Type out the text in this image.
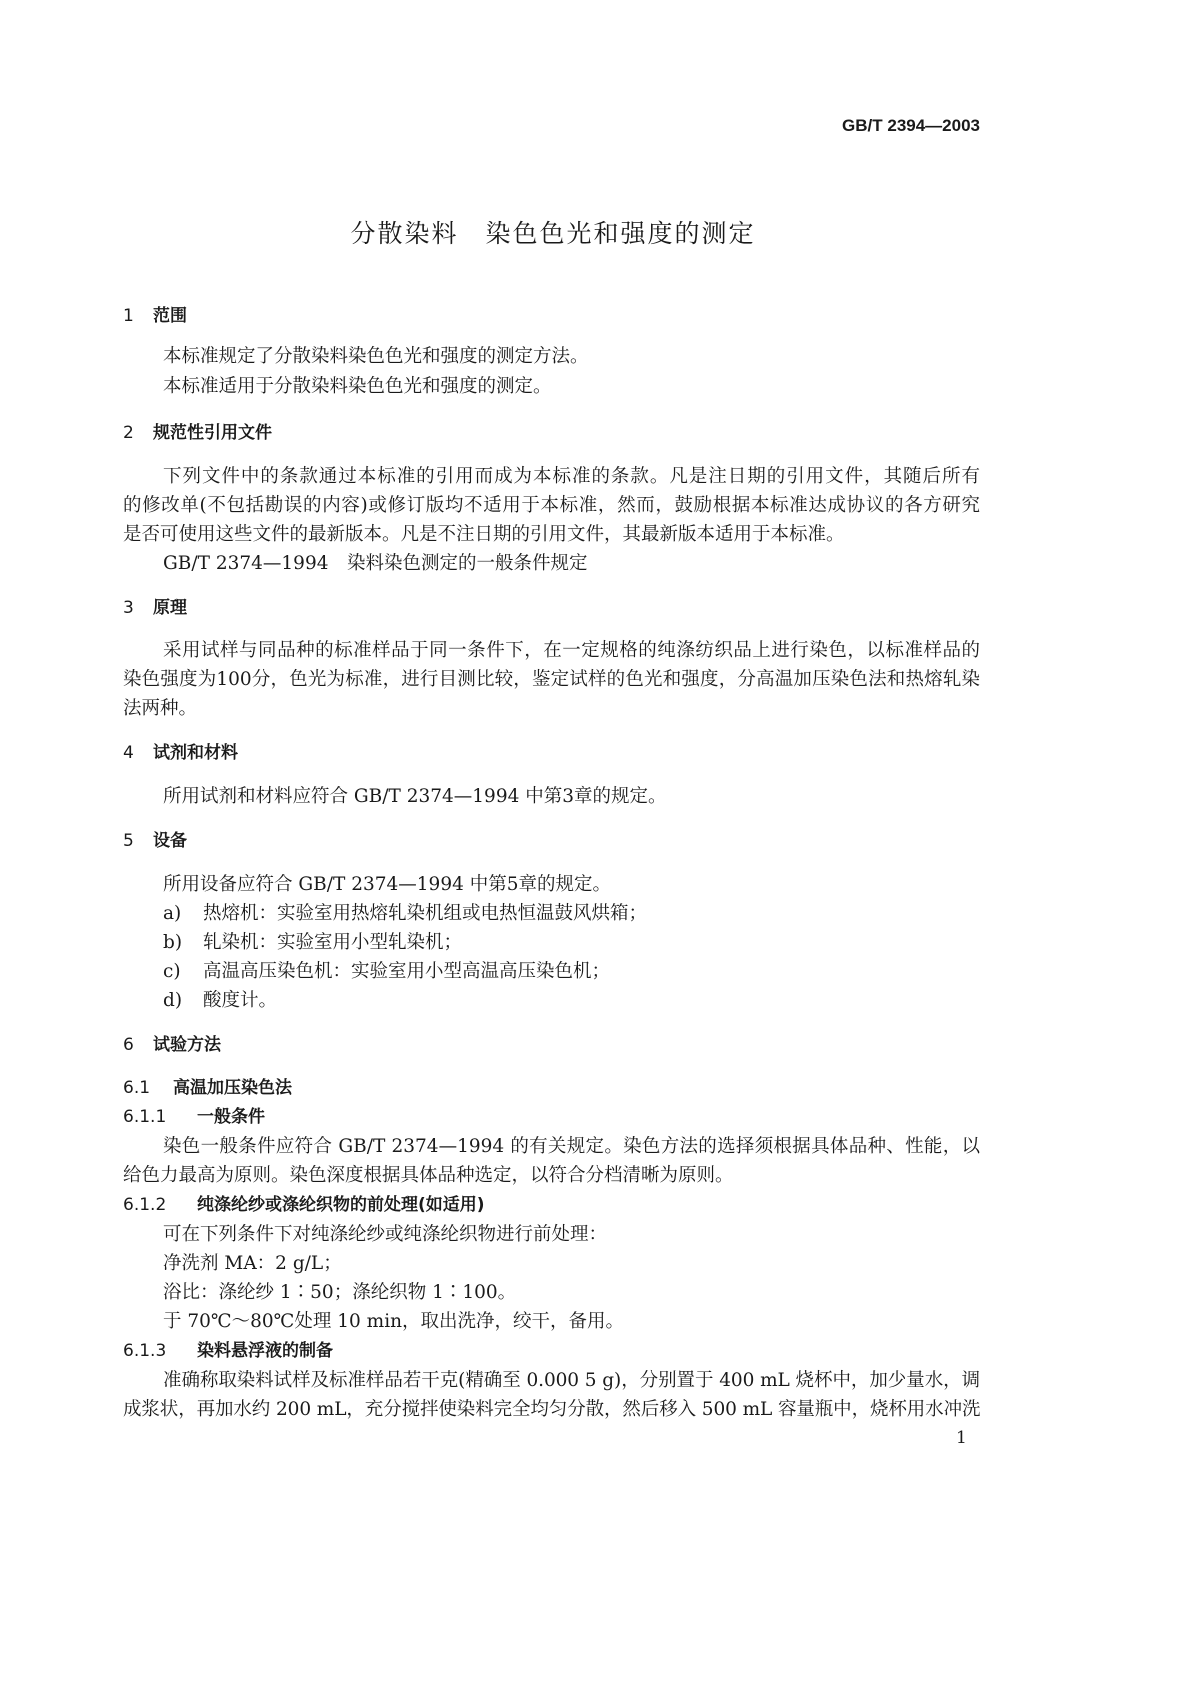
GB/T 2394—2003
分散染料　染色色光和强度的测定
1 范围
本标准规定了分散染料染色色光和强度的测定方法。
本标准适用于分散染料染色色光和强度的测定。
2 规范性引用文件
下列文件中的条款通过本标准的引用而成为本标准的条款。凡是注日期的引用文件，其随后所有
的修改单(不包括勘误的内容)或修订版均不适用于本标准，然而，鼓励根据本标准达成协议的各方研究
是否可使用这些文件的最新版本。凡是不注日期的引用文件，其最新版本适用于本标准。
GB/T 2374—1994　染料染色测定的一般条件规定
3 原理
采用试样与同品种的标准样品于同一条件下，在一定规格的纯涤纺织品上进行染色，以标准样品的
染色强度为100分，色光为标准，进行目测比较，鉴定试样的色光和强度，分高温加压染色法和热熔轧染
法两种。
4 试剂和材料
所用试剂和材料应符合 GB/T 2374—1994 中第3章的规定。
5 设备
所用设备应符合 GB/T 2374—1994 中第5章的规定。
a) 热熔机：实验室用热熔轧染机组或电热恒温鼓风烘箱；
b) 轧染机：实验室用小型轧染机；
c) 高温高压染色机：实验室用小型高温高压染色机；
d) 酸度计。
6 试验方法
6.1 高温加压染色法
6.1.1 一般条件
染色一般条件应符合 GB/T 2374—1994 的有关规定。染色方法的选择须根据具体品种、性能，以
给色力最高为原则。染色深度根据具体品种选定，以符合分档清晰为原则。
6.1.2 纯涤纶纱或涤纶织物的前处理(如适用)
可在下列条件下对纯涤纶纱或纯涤纶织物进行前处理：
净洗剂 MA：2 g/L；
浴比：涤纶纱 1∶50；涤纶织物 1∶100。
于 70℃～80℃处理 10 min，取出洗净，绞干，备用。
6.1.3 染料悬浮液的制备
准确称取染料试样及标准样品若干克(精确至 0.000 5 g)，分别置于 400 mL 烧杯中，加少量水，调
成浆状，再加水约 200 mL，充分搅拌使染料完全均匀分散，然后移入 500 mL 容量瓶中，烧杯用水冲洗
1
